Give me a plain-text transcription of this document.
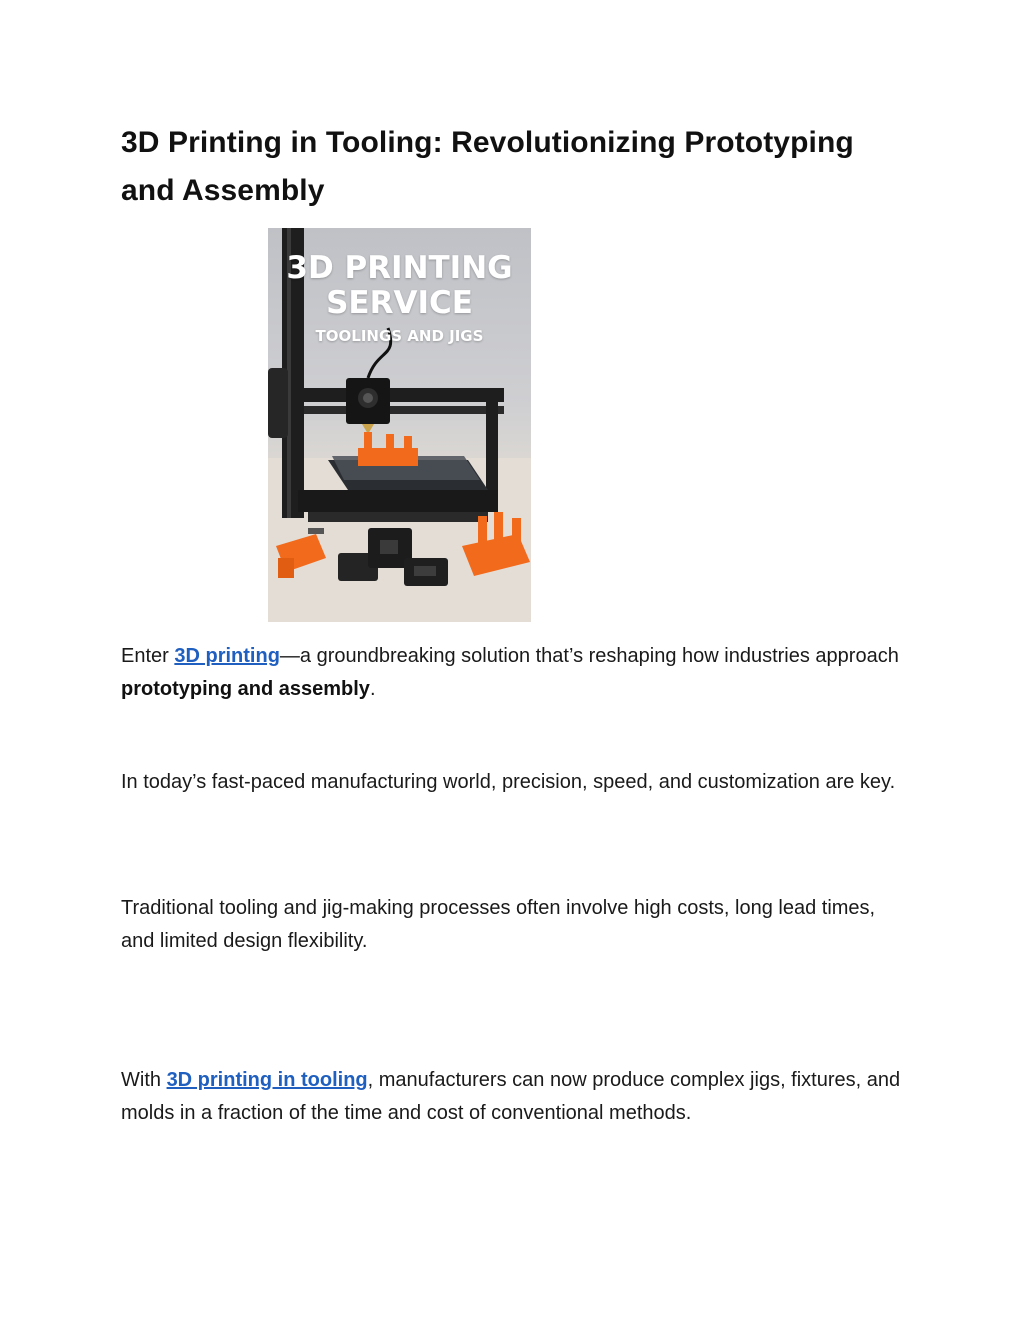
3D Printing in Tooling: Revolutionizing Prototyping and Assembly
3D PRINTING
SERVICE
TOOLINGS AND JIGS

Enter 3D printing—a groundbreaking solution that’s reshaping how industries approach prototyping and assembly.

In today’s fast-paced manufacturing world, precision, speed, and customization are key.

Traditional tooling and jig-making processes often involve high costs, long lead times, and limited design flexibility.

With 3D printing in tooling, manufacturers can now produce complex jigs, fixtures, and molds in a fraction of the time and cost of conventional methods.
